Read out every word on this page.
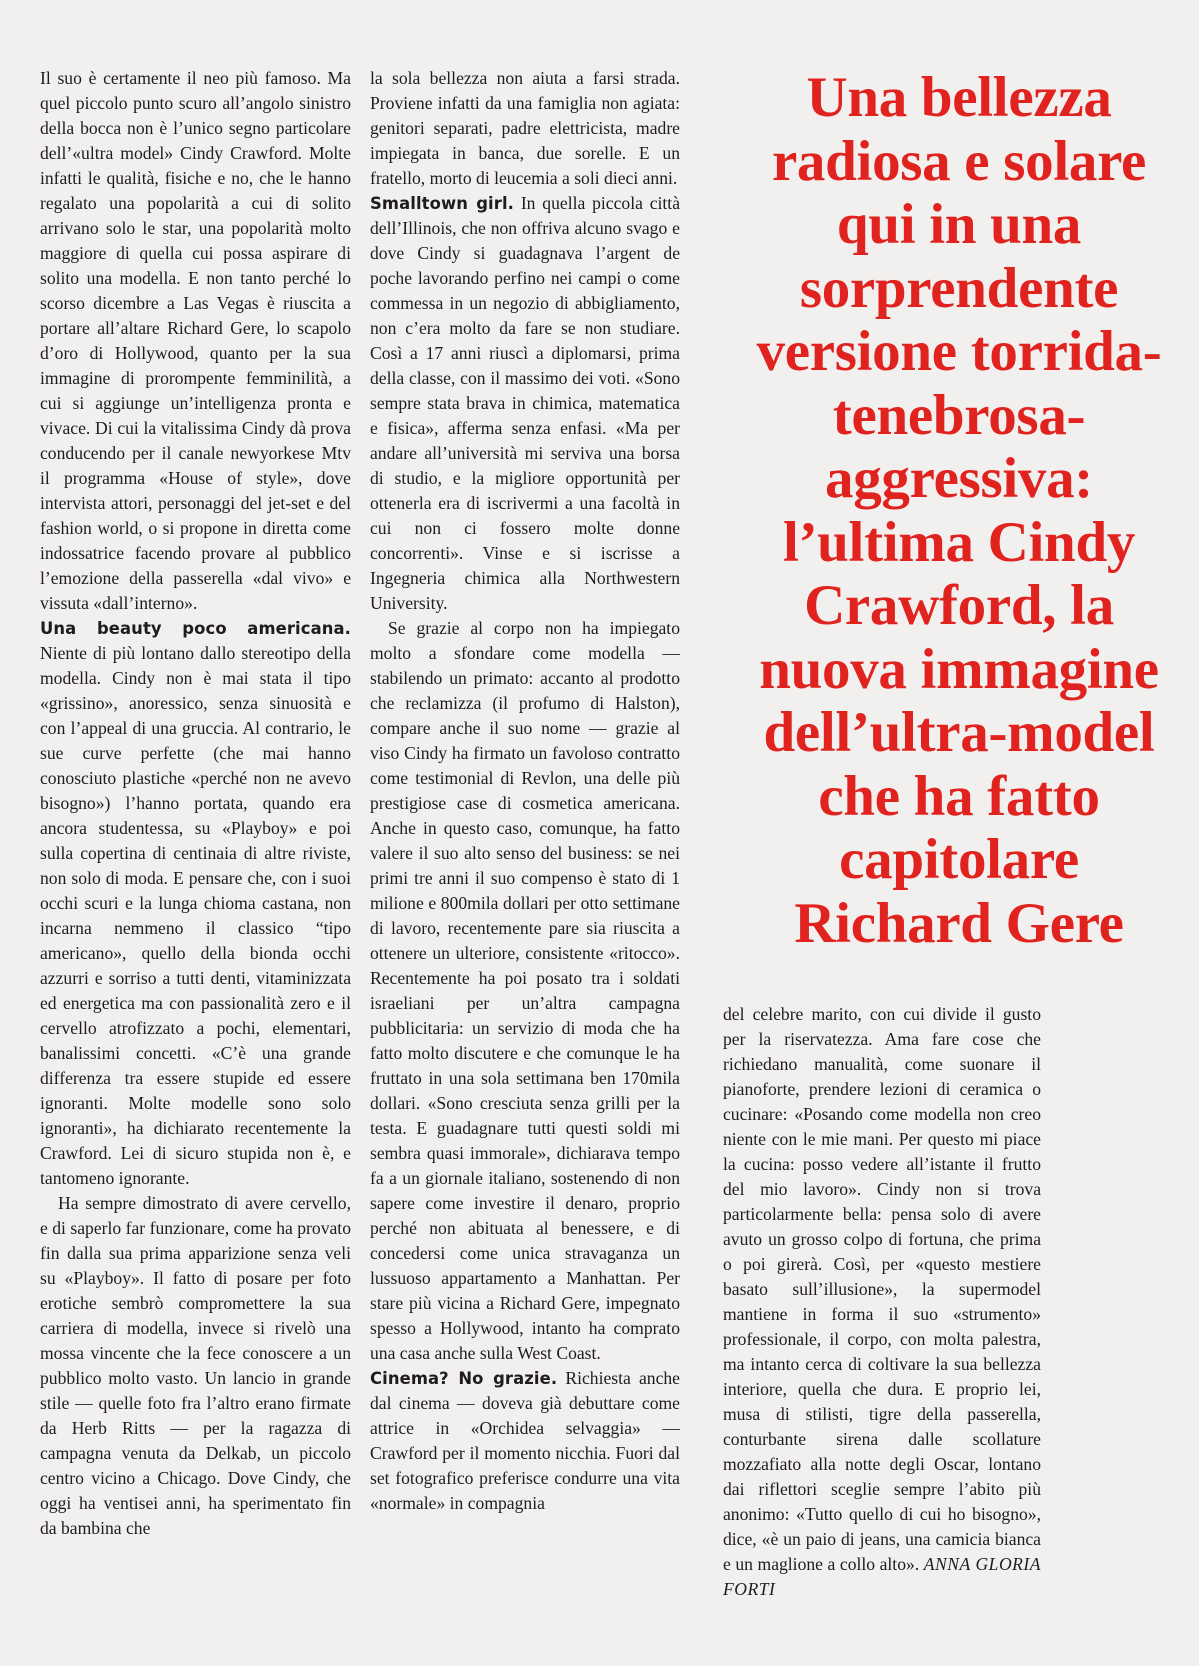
Il suo è certamente il neo più famoso. Ma quel piccolo punto scuro all’angolo sinistro della bocca non è l’unico segno particolare dell’«ultra model» Cindy Crawford. Molte infatti le qualità, fisiche e no, che le hanno regalato una popolarità a cui di solito arrivano solo le star, una popolarità molto maggiore di quella cui possa aspirare di solito una modella. E non tanto perché lo scorso dicembre a Las Vegas è riuscita a portare all’altare Richard Gere, lo scapolo d’oro di Hollywood, quanto per la sua immagine di prorompente femminilità, a cui si aggiunge un’intelligenza pronta e vivace. Di cui la vitalissima Cindy dà prova conducendo per il canale newyorkese Mtv il programma «House of style», dove intervista attori, personaggi del jet-set e del fashion world, o si propone in diretta come indossatrice facendo provare al pubblico l’emozione della passerella «dal vivo» e vissuta «dall’interno».

Una beauty poco americana. Niente di più lontano dallo stereotipo della modella. Cindy non è mai stata il tipo «grissino», anoressico, senza sinuosità e con l’appeal di una gruccia. Al contrario, le sue curve perfette (che mai hanno conosciuto plastiche «perché non ne avevo bisogno») l’hanno portata, quando era ancora studentessa, su «Playboy» e poi sulla copertina di centinaia di altre riviste, non solo di moda. E pensare che, con i suoi occhi scuri e la lunga chioma castana, non incarna nemmeno il classico “tipo americano», quello della bionda occhi azzurri e sorriso a tutti denti, vitaminizzata ed energetica ma con passionalità zero e il cervello atrofizzato a pochi, elementari, banalissimi concetti. «C’è una grande differenza tra essere stupide ed essere ignoranti. Molte modelle sono solo ignoranti», ha dichiarato recentemente la Crawford. Lei di sicuro stupida non è, e tantomeno ignorante.

Ha sempre dimostrato di avere cervello, e di saperlo far funzionare, come ha provato fin dalla sua prima apparizione senza veli su «Playboy». Il fatto di posare per foto erotiche sembrò compromettere la sua carriera di modella, invece si rivelò una mossa vincente che la fece conoscere a un pubblico molto vasto. Un lancio in grande stile — quelle foto fra l’altro erano firmate da Herb Ritts — per la ragazza di campagna venuta da Delkab, un piccolo centro vicino a Chicago. Dove Cindy, che oggi ha ventisei anni, ha sperimentato fin da bambina che

la sola bellezza non aiuta a farsi strada. Proviene infatti da una famiglia non agiata: genitori separati, padre elettricista, madre impiegata in banca, due sorelle. E un fratello, morto di leucemia a soli dieci anni.

Smalltown girl. In quella piccola città dell’Illinois, che non offriva alcuno svago e dove Cindy si guadagnava l’argent de poche lavorando perfino nei campi o come commessa in un negozio di abbigliamento, non c’era molto da fare se non studiare. Così a 17 anni riuscì a diplomarsi, prima della classe, con il massimo dei voti. «Sono sempre stata brava in chimica, matematica e fisica», afferma senza enfasi. «Ma per andare all’università mi serviva una borsa di studio, e la migliore opportunità per ottenerla era di iscrivermi a una facoltà in cui non ci fossero molte donne concorrenti». Vinse e si iscrisse a Ingegneria chimica alla Northwestern University.

Se grazie al corpo non ha impiegato molto a sfondare come modella — stabilendo un primato: accanto al prodotto che reclamizza (il profumo di Halston), compare anche il suo nome — grazie al viso Cindy ha firmato un favoloso contratto come testimonial di Revlon, una delle più prestigiose case di cosmetica americana. Anche in questo caso, comunque, ha fatto valere il suo alto senso del business: se nei primi tre anni il suo compenso è stato di 1 milione e 800mila dollari per otto settimane di lavoro, recentemente pare sia riuscita a ottenere un ulteriore, consistente «ritocco». Recentemente ha poi posato tra i soldati israeliani per un’altra campagna pubblicitaria: un servizio di moda che ha fatto molto discutere e che comunque le ha fruttato in una sola settimana ben 170mila dollari. «Sono cresciuta senza grilli per la testa. E guadagnare tutti questi soldi mi sembra quasi immorale», dichiarava tempo fa a un giornale italiano, sostenendo di non sapere come investire il denaro, proprio perché non abituata al benessere, e di concedersi come unica stravaganza un lussuoso appartamento a Manhattan. Per stare più vicina a Richard Gere, impegnato spesso a Hollywood, intanto ha comprato una casa anche sulla West Coast.

Cinema? No grazie. Richiesta anche dal cinema — doveva già debuttare come attrice in «Orchidea selvaggia» — Crawford per il momento nicchia. Fuori dal set fotografico preferisce condurre una vita «normale» in compagnia

Una bellezza
radiosa e solare
qui in una
sorprendente
versione torrida-
tenebrosa-
aggressiva:
l’ultima Cindy
Crawford, la
nuova immagine
dell’ultra-model
che ha fatto
capitolare
Richard Gere

del celebre marito, con cui divide il gusto per la riservatezza. Ama fare cose che richiedano manualità, come suonare il pianoforte, prendere lezioni di ceramica o cucinare: «Posando come modella non creo niente con le mie mani. Per questo mi piace la cucina: posso vedere all’istante il frutto del mio lavoro». Cindy non si trova particolarmente bella: pensa solo di avere avuto un grosso colpo di fortuna, che prima o poi girerà. Così, per «questo mestiere basato sull’illusione», la supermodel mantiene in forma il suo «strumento» professionale, il corpo, con molta palestra, ma intanto cerca di coltivare la sua bellezza interiore, quella che dura. E proprio lei, musa di stilisti, tigre della passerella, conturbante sirena dalle scollature mozzafiato alla notte degli Oscar, lontano dai riflettori sceglie sempre l’abito più anonimo: «Tutto quello di cui ho bisogno», dice, «è un paio di jeans, una camicia bianca e un maglione a collo alto». ANNA GLORIA FORTI
